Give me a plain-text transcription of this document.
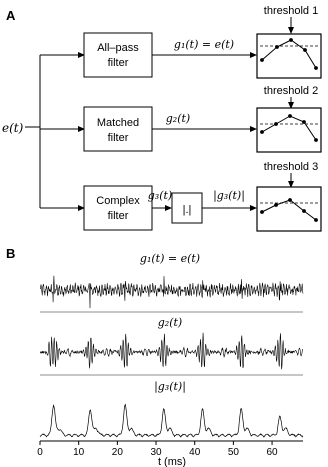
A
e(t)
All–pass
filter
g₁(t) = e(t)
threshold 1
Matched
filter
g₂(t)
threshold 2
Complex
filter
g₃(t)
|.|
|g₃(t)|
threshold 3
B	g₁(t) = e(t)
g₂(t)
|g₃(t)|
0	10	20	30	40	50	60
t (ms)
